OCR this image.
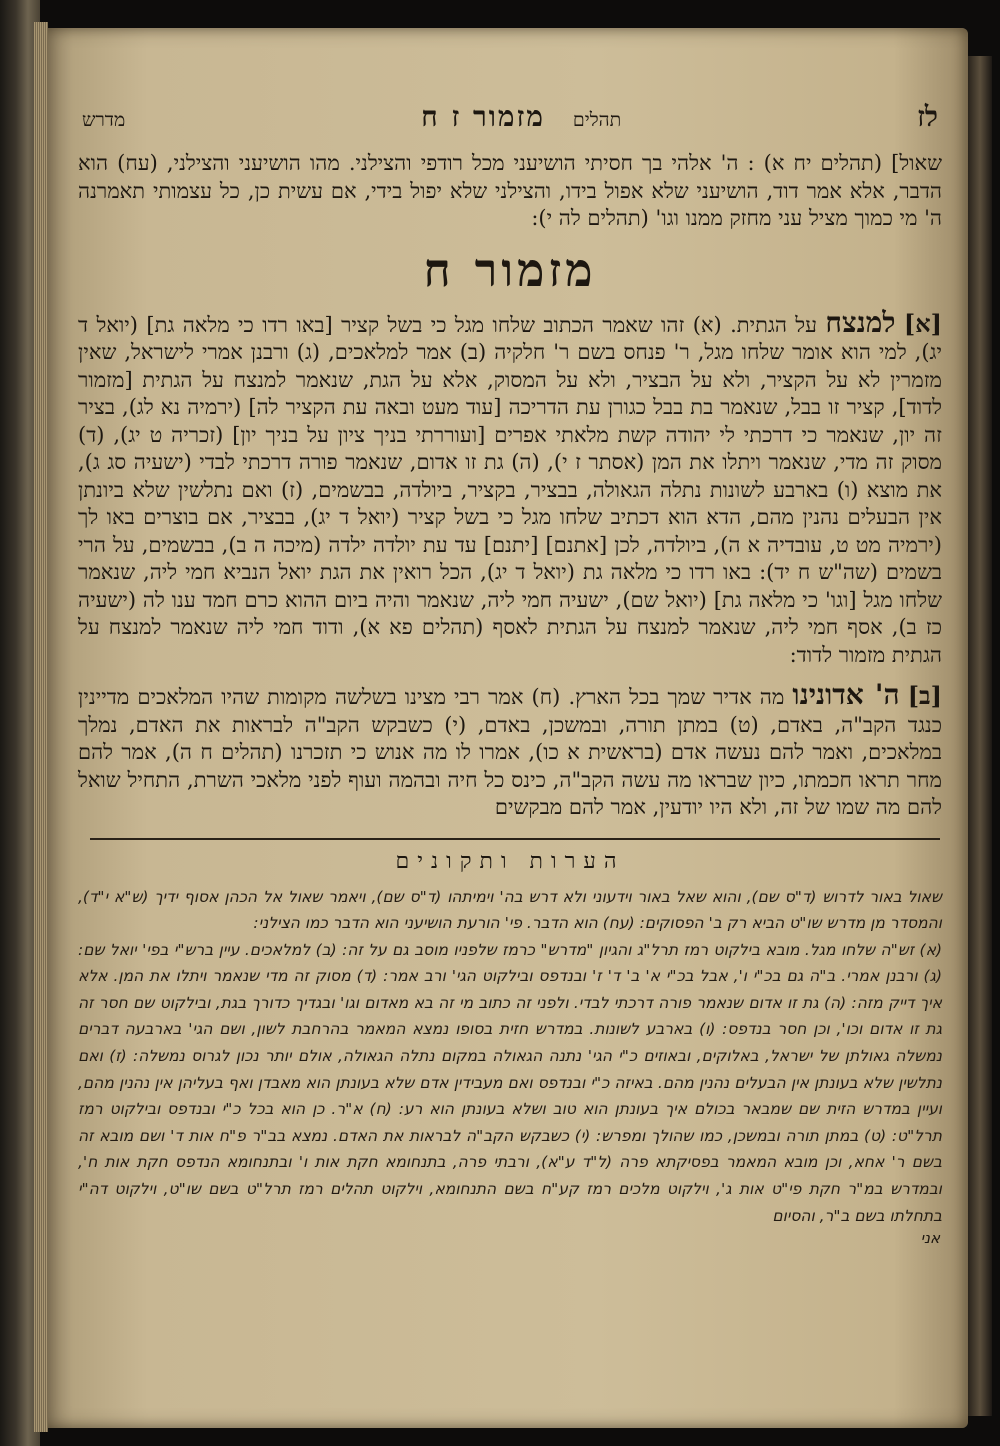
לז
תהלים
מזמור ז ח
מדרש

שאול] (תהלים יח א) : ה' אלהי בך חסיתי הושיעני מכל רודפי והצילני. מהו הושיעני והצילני, (עח) הוא הדבר, אלא אמר דוד, הושיעני שלא אפול בידו, והצילני שלא יפול בידי, אם עשית כן, כל עצמותי תאמרנה ה' מי כמוך מציל עני מחזק ממנו וגו' (תהלים לה י):

מזמור ח

[א] למנצח על הגתית. (א) זהו שאמר הכתוב שלחו מגל כי בשל קציר [באו רדו כי מלאה גת] (יואל ד יג), למי הוא אומר שלחו מגל, ר' פנחס בשם ר' חלקיה (ב) אמר למלאכים, (ג) ורבנן אמרי לישראל, שאין מזמרין לא על הקציר, ולא על הבציר, ולא על המסוק, אלא על הגת, שנאמר למנצח על הגתית [מזמור לדוד], קציר זו בבל, שנאמר בת בבל כגורן עת הדריכה [עוד מעט ובאה עת הקציר לה] (ירמיה נא לג), בציר זה יון, שנאמר כי דרכתי לי יהודה קשת מלאתי אפרים [ועוררתי בניך ציון על בניך יון] (זכריה ט יג), (ד) מסוק זה מדי, שנאמר ויתלו את המן (אסתר ז י), (ה) גת זו אדום, שנאמר פורה דרכתי לבדי (ישעיה סג ג), את מוצא (ו) בארבע לשונות נתלה הגאולה, בבציר, בקציר, ביולדה, בבשמים, (ז) ואם נתלשין שלא ביונתן אין הבעלים נהנין מהם, הדא הוא דכתיב שלחו מגל כי בשל קציר (יואל ד יג), בבציר, אם בוצרים באו לך (ירמיה מט ט, עובדיה א ה), ביולדה, לכן [אתנם] [יתנם] עד עת יולדה ילדה (מיכה ה ב), בבשמים, על הרי בשמים (שה"ש ח יד): באו רדו כי מלאה גת (יואל ד יג), הכל רואין את הגת יואל הנביא חמי ליה, שנאמר שלחו מגל [וגו' כי מלאה גת] (יואל שם), ישעיה חמי ליה, שנאמר והיה ביום ההוא כרם חמד ענו לה (ישעיה כז ב), אסף חמי ליה, שנאמר למנצח על הגתית לאסף (תהלים פא א), ודוד חמי ליה שנאמר למנצח על הגתית מזמור לדוד:

[ב] ה' אדונינו מה אדיר שמך בכל הארץ. (ח) אמר רבי מצינו בשלשה מקומות שהיו המלאכים מדיינין כנגד הקב"ה, באדם, (ט) במתן תורה, ובמשכן, באדם, (י) כשבקש הקב"ה לבראות את האדם, נמלך במלאכים, ואמר להם נעשה אדם (בראשית א כו), אמרו לו מה אנוש כי תזכרנו (תהלים ח ה), אמר להם מחר תראו חכמתו, כיון שבראו מה עשה הקב"ה, כינס כל חיה ובהמה ועוף לפני מלאכי השרת, התחיל שואל להם מה שמו של זה, ולא היו יודעין, אמר להם מבקשים

הערות ותקונים

שאול באור לדרוש (ד"ס שם), והוא שאל באור וידעוני ולא דרש בה' וימיתהו (ד"ס שם), ויאמר שאול אל הכהן אסוף ידיך (ש"א י"ד), והמסדר מן מדרש שו"ט הביא רק ב' הפסוקים: (עח) הוא הדבר. פי' הורעת הושיעני הוא הדבר כמו הצילני:

(א) זש"ה שלחו מגל. מובא בילקוט רמז תרל"ג והגיון "מדרש" כרמז שלפניו מוסב גם על זה: (ב) למלאכים. עיין ברש"י בפי' יואל שם: (ג) ורבנן אמרי. ב"ה גם בכ"י ו', אבל בכ"י א' ב' ד' ז' ובנדפס ובילקוט הגי' ורב אמר: (ד) מסוק זה מדי שנאמר ויתלו את המן. אלא איך דייק מזה: (ה) גת זו אדום שנאמר פורה דרכתי לבדי. ולפני זה כתוב מי זה בא מאדום וגו' ובגדיך כדורך בגת, ובילקוט שם חסר זה גת זו אדום וכו', וכן חסר בנדפס: (ו) בארבע לשונות. במדרש חזית בסופו נמצא המאמר בהרחבת לשון, ושם הגי' בארבעה דברים נמשלה גאולתן של ישראל, באלוקים, ובאוזים כ"י הגי' נתנה הגאולה במקום נתלה הגאולה, אולם יותר נכון לגרוס נמשלה: (ז) ואם נתלשין שלא בעונתן אין הבעלים נהנין מהם. באיזה כ"י ובנדפס ואם מעבידין אדם שלא בעונתן הוא מאבדן ואף בעליהן אין נהנין מהם, ועיין במדרש הזית שם שמבאר בכולם איך בעונתן הוא טוב ושלא בעונתן הוא רע: (ח) א"ר. כן הוא בכל כ"י ובנדפס ובילקוט רמז תרל"ט: (ט) במתן תורה ובמשכן, כמו שהולך ומפרש: (י) כשבקש הקב"ה לבראות את האדם. נמצא בב"ר פ"ח אות ד' ושם מובא זה בשם ר' אחא, וכן מובא המאמר בפסיקתא פרה (ל"ד ע"א), ורבתי פרה, בתנחומא חקת אות ו' ובתנחומא הנדפס חקת אות ח', ובמדרש במ"ר חקת פי"ט אות ג', וילקוט מלכים רמז קע"ח בשם התנחומא, וילקוט תהלים רמז תרל"ט בשם שו"ט, וילקוט דה"י בתחלתו בשם ב"ר, והסיום

אני
